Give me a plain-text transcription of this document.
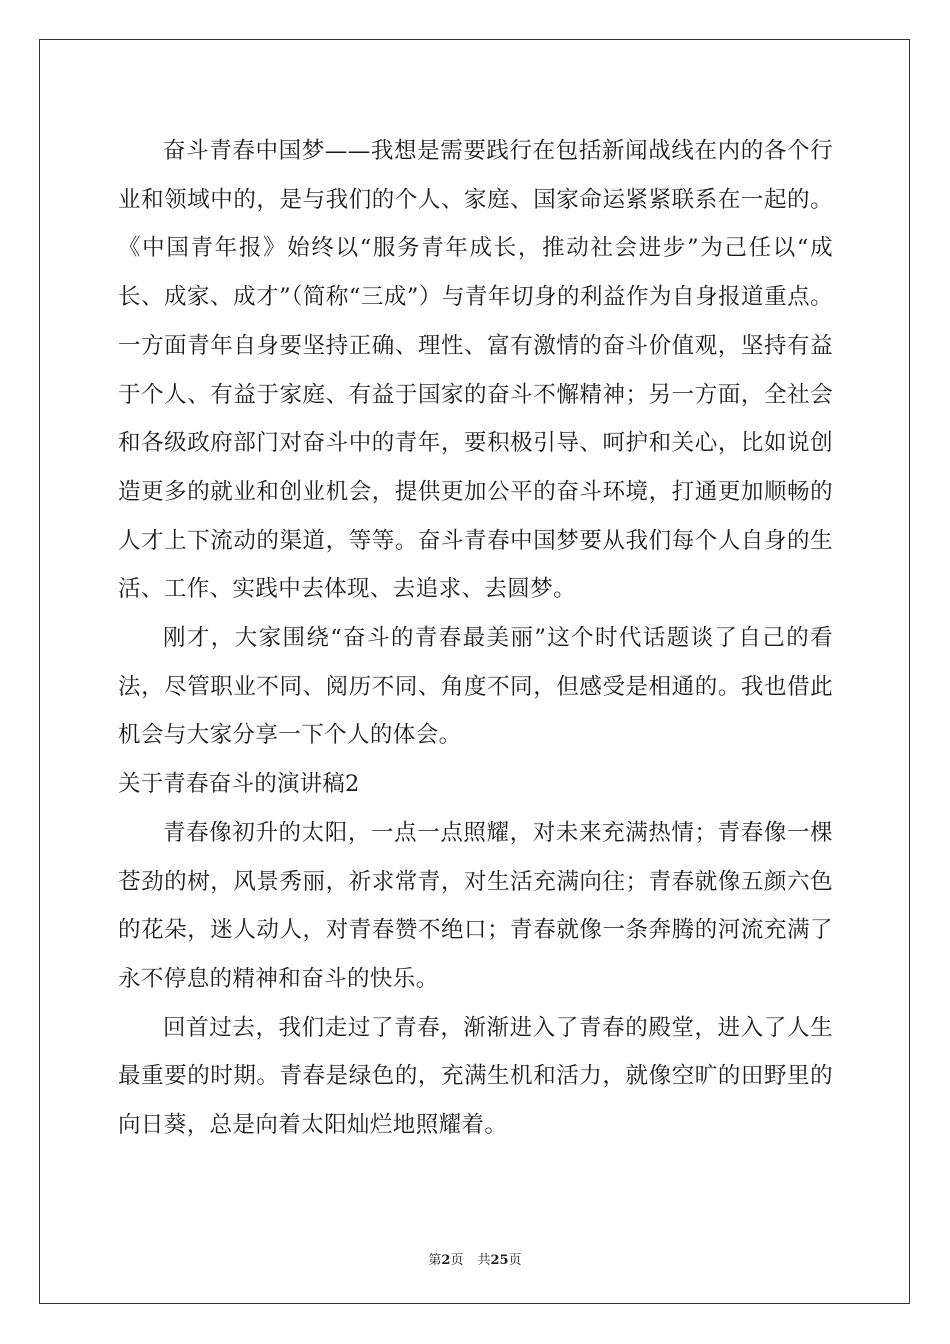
奋斗青春中国梦——我想是需要践行在包括新闻战线在内的各个行业和领域中的，是与我们的个人、家庭、国家命运紧紧联系在一起的。《中国青年报》始终以“服务青年成长，推动社会进步”为己任以“成长、成家、成才”（简称“三成”）与青年切身的利益作为自身报道重点。一方面青年自身要坚持正确、理性、富有激情的奋斗价值观，坚持有益于个人、有益于家庭、有益于国家的奋斗不懈精神；另一方面，全社会和各级政府部门对奋斗中的青年，要积极引导、呵护和关心，比如说创造更多的就业和创业机会，提供更加公平的奋斗环境，打通更加顺畅的人才上下流动的渠道，等等。奋斗青春中国梦要从我们每个人自身的生活、工作、实践中去体现、去追求、去圆梦。

刚才，大家围绕“奋斗的青春最美丽”这个时代话题谈了自己的看法，尽管职业不同、阅历不同、角度不同，但感受是相通的。我也借此机会与大家分享一下个人的体会。

关于青春奋斗的演讲稿2

青春像初升的太阳，一点一点照耀，对未来充满热情；青春像一棵苍劲的树，风景秀丽，祈求常青，对生活充满向往；青春就像五颜六色的花朵，迷人动人，对青春赞不绝口；青春就像一条奔腾的河流充满了永不停息的精神和奋斗的快乐。

回首过去，我们走过了青春，渐渐进入了青春的殿堂，进入了人生最重要的时期。青春是绿色的，充满生机和活力，就像空旷的田野里的向日葵，总是向着太阳灿烂地照耀着。

第2页 共25页
